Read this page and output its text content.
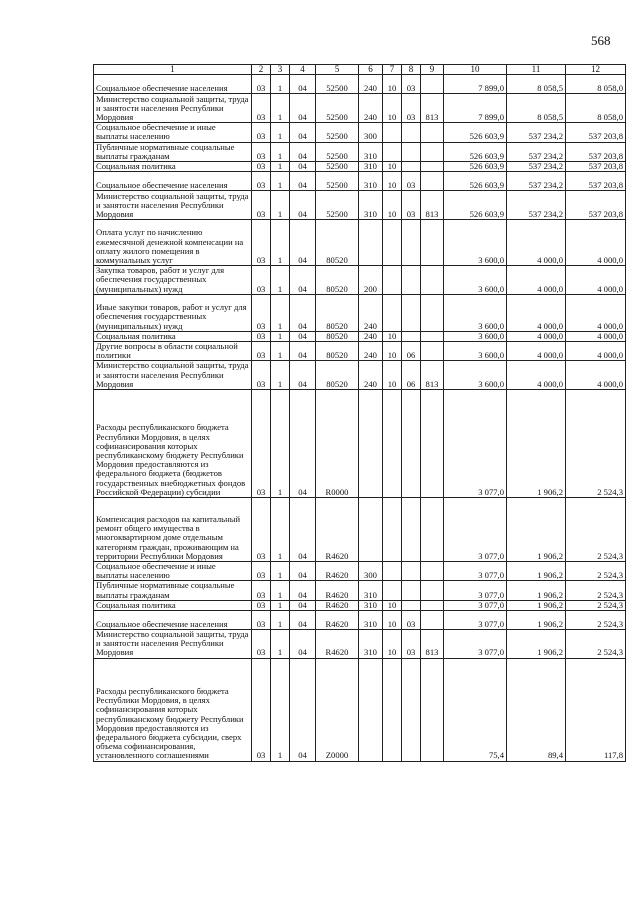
568
1	2	3	4	5	6	7	8	9	10	11	12
Социальное обеспечение населения	03	1	04	52500	240	10	03		7 899,0	8 058,5	8 058,0
Министерство социальной защиты, труда и занятости населения Республики Мордовия	03	1	04	52500	240	10	03	813	7 899,0	8 058,5	8 058,0
Социальное обеспечение и иные выплаты населению	03	1	04	52500	300				526 603,9	537 234,2	537 203,8
Публичные нормативные социальные выплаты гражданам	03	1	04	52500	310				526 603,9	537 234,2	537 203,8
Социальная политика	03	1	04	52500	310	10			526 603,9	537 234,2	537 203,8
Социальное обеспечение населения	03	1	04	52500	310	10	03		526 603,9	537 234,2	537 203,8
Министерство социальной защиты, труда и занятости населения Республики Мордовия	03	1	04	52500	310	10	03	813	526 603,9	537 234,2	537 203,8
Оплата услуг по начислению ежемесячной денежной компенсации на оплату жилого помещения в коммунальных услуг	03	1	04	80520					3 600,0	4 000,0	4 000,0
Закупка товаров, работ и услуг для обеспечения государственных (муниципальных) нужд	03	1	04	80520	200				3 600,0	4 000,0	4 000,0
Иные закупки товаров, работ и услуг для обеспечения государственных (муниципальных) нужд	03	1	04	80520	240				3 600,0	4 000,0	4 000,0
Социальная политика	03	1	04	80520	240	10			3 600,0	4 000,0	4 000,0
Другие вопросы в области социальной политики	03	1	04	80520	240	10	06		3 600,0	4 000,0	4 000,0
Министерство социальной защиты, труда и занятости населения Республики Мордовия	03	1	04	80520	240	10	06	813	3 600,0	4 000,0	4 000,0
Расходы республиканского бюджета Республики Мордовия, в целях софинансирования которых республиканскому бюджету Республики Мордовия предоставляются из федерального бюджета (бюджетов государственных внебюджетных фондов Российской Федерации) субсидии	03	1	04	R0000					3 077,0	1 906,2	2 524,3
Компенсация расходов на капитальный ремонт общего имущества в многоквартирном доме отдельным категориям граждан, проживающим на территории Республики Мордовия	03	1	04	R4620					3 077,0	1 906,2	2 524,3
Социальное обеспечение и иные выплаты населению	03	1	04	R4620	300				3 077,0	1 906,2	2 524,3
Публичные нормативные социальные выплаты гражданам	03	1	04	R4620	310				3 077,0	1 906,2	2 524,3
Социальная политика	03	1	04	R4620	310	10			3 077,0	1 906,2	2 524,3
Социальное обеспечение населения	03	1	04	R4620	310	10	03		3 077,0	1 906,2	2 524,3
Министерство социальной защиты, труда и занятости населения Республики Мордовия	03	1	04	R4620	310	10	03	813	3 077,0	1 906,2	2 524,3
Расходы республиканского бюджета Республики Мордовия, в целях софинансирования которых республиканскому бюджету Республики Мордовия предоставляются из федерального бюджета субсидии, сверх объема софинансирования, установленного соглашениями	03	1	04	Z0000					75,4	89,4	117,8
